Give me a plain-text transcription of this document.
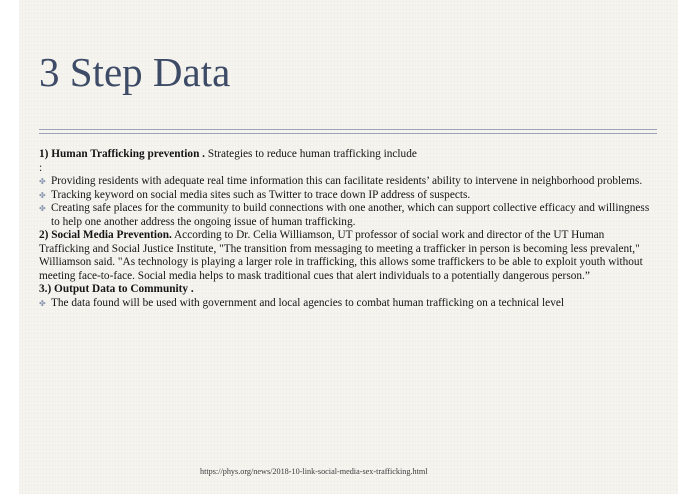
3 Step Data

1) Human Trafficking prevention . Strategies to reduce human trafficking include

:

✤ Providing residents with adequate real time information this can facilitate residents’ ability to intervene in neighborhood problems.
✤ Tracking keyword on social media sites such as Twitter to trace down IP address of suspects.
✤ Creating safe places for the community to build connections with one another, which can support collective efficacy and willingness to help one another address the ongoing issue of human trafficking.

2) Social Media Prevention. According to Dr. Celia Williamson, UT professor of social work and director of the UT Human Trafficking and Social Justice Institute, "The transition from messaging to meeting a trafficker in person is becoming less prevalent," Williamson said. "As technology is playing a larger role in trafficking, this allows some traffickers to be able to exploit youth without meeting face-to-face. Social media helps to mask traditional cues that alert individuals to a potentially dangerous person.”

3.) Output Data to Community .

✤ The data found will be used with government and local agencies to combat human trafficking on a technical level
https://phys.org/news/2018-10-link-social-media-sex-trafficking.html
